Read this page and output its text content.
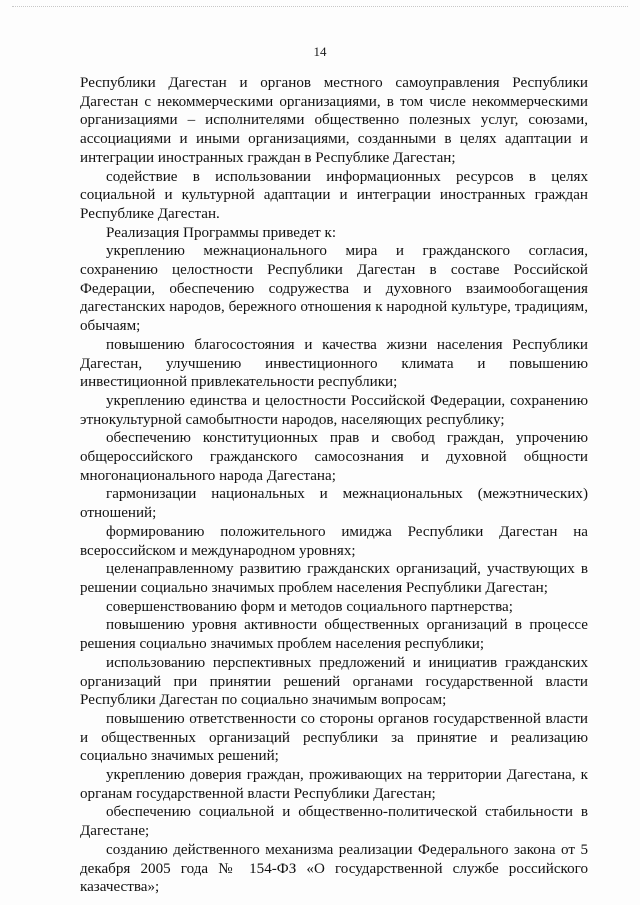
14

Республики Дагестан и органов местного самоуправления Республики Дагестан с некоммерческими организациями, в том числе некоммерческими организациями – исполнителями общественно полезных услуг, союзами, ассоциациями и иными организациями, созданными в целях адаптации и интеграции иностранных граждан в Республике Дагестан;

содействие в использовании информационных ресурсов в целях социальной и культурной адаптации и интеграции иностранных граждан Республике Дагестан.

Реализация Программы приведет к:

укреплению межнационального мира и гражданского согласия, сохранению целостности Республики Дагестан в составе Российской Федерации, обеспечению содружества и духовного взаимообогащения дагестанских народов, бережного отношения к народной культуре, традициям, обычаям;

повышению благосостояния и качества жизни населения Республики Дагестан, улучшению инвестиционного климата и повышению инвестиционной привлекательности республики;

укреплению единства и целостности Российской Федерации, сохранению этнокультурной самобытности народов, населяющих республику;

обеспечению конституционных прав и свобод граждан, упрочению общероссийского гражданского самосознания и духовной общности многонационального народа Дагестана;

гармонизации национальных и межнациональных (межэтнических) отношений;

формированию положительного имиджа Республики Дагестан на всероссийском и международном уровнях;

целенаправленному развитию гражданских организаций, участвующих в решении социально значимых проблем населения Республики Дагестан;

совершенствованию форм и методов социального партнерства;

повышению уровня активности общественных организаций в процессе решения социально значимых проблем населения республики;

использованию перспективных предложений и инициатив гражданских организаций при принятии решений органами государственной власти Республики Дагестан по социально значимым вопросам;

повышению ответственности со стороны органов государственной власти и общественных организаций республики за принятие и реализацию социально значимых решений;

укреплению доверия граждан, проживающих на территории Дагестана, к органам государственной власти Республики Дагестан;

обеспечению социальной и общественно-политической стабильности в Дагестане;

созданию действенного механизма реализации Федерального закона от 5 декабря 2005 года № 154-ФЗ «О государственной службе российского казачества»;
